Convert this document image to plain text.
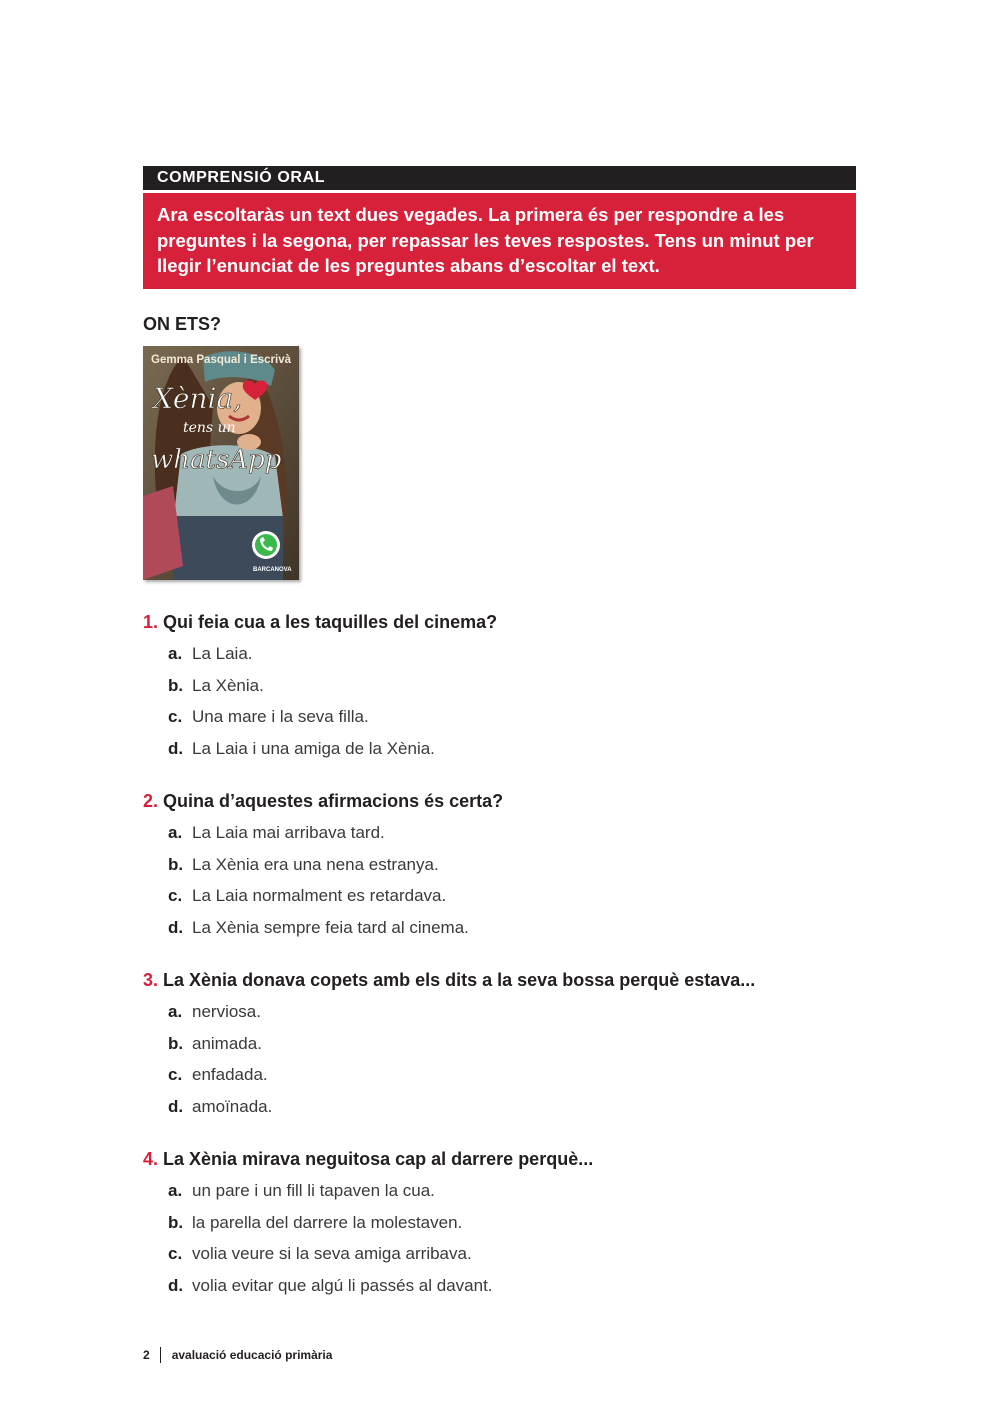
COMPRENSIÓ ORAL
Ara escoltaràs un text dues vegades. La primera és per respondre a les preguntes i la segona, per repassar les teves respostes. Tens un minut per llegir l’enunciat de les preguntes abans d’escoltar el text.
ON ETS?
Gemma Pasqual i Escrivà
Xènia,
tens un
whatsApp
BARCANOVA
1. Qui feia cua a les taquilles del cinema?
a. La Laia.
b. La Xènia.
c. Una mare i la seva filla.
d. La Laia i una amiga de la Xènia.
2. Quina d’aquestes afirmacions és certa?
a. La Laia mai arribava tard.
b. La Xènia era una nena estranya.
c. La Laia normalment es retardava.
d. La Xènia sempre feia tard al cinema.
3. La Xènia donava copets amb els dits a la seva bossa perquè estava...
a. nerviosa.
b. animada.
c. enfadada.
d. amoïnada.
4. La Xènia mirava neguitosa cap al darrere perquè...
a. un pare i un fill li tapaven la cua.
b. la parella del darrere la molestaven.
c. volia veure si la seva amiga arribava.
d. volia evitar que algú li passés al davant.
2 avaluació educació primària
